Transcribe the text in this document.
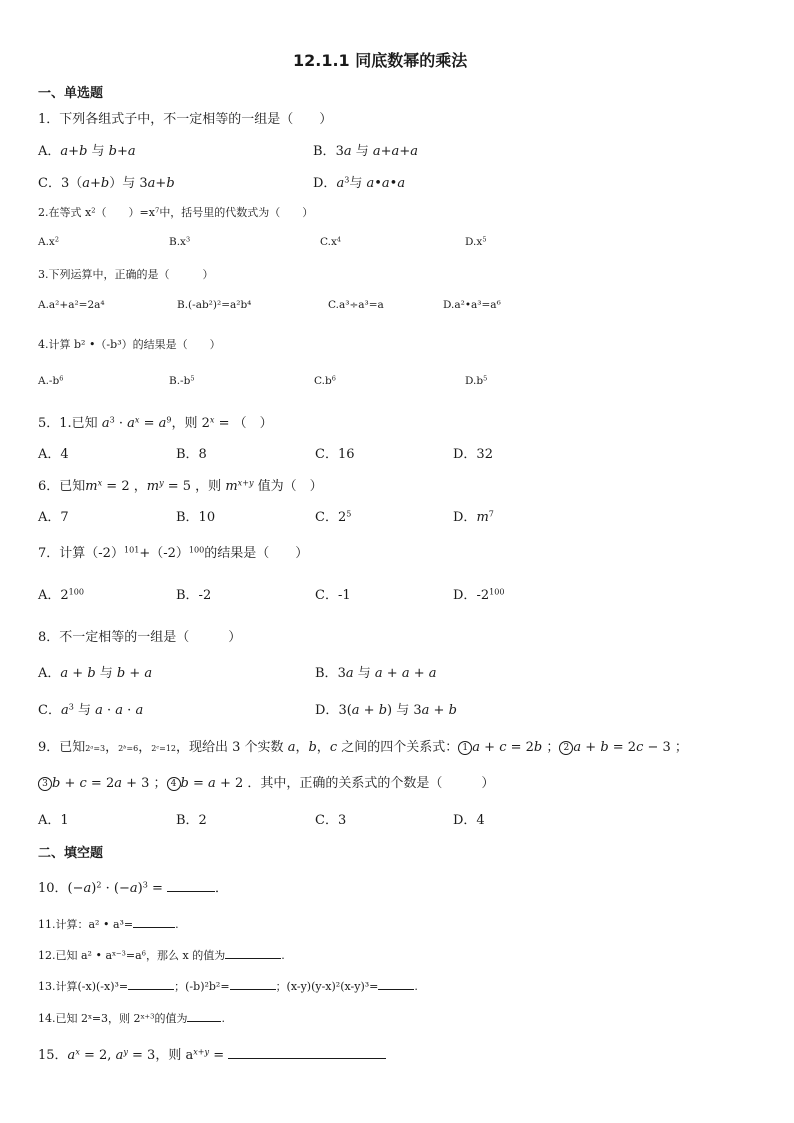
12.1.1 同底数幂的乘法
一、单选题
1．下列各组式子中，不一定相等的一组是（　　）
A．a+b 与 b+a	B．3a 与 a+a+a
C．3（a+b）与 3a+b	D．$a^3$与 a•a•a
2.在等式 $x^2$（　　）$=x^7$中，括号里的代数式为（　　）
$A.x^2$	$B.x^3$	$C.x^4$	$D.x^5$
3.下列运算中，正确的是（　　　）
A.a²+a²=2a⁴	B.(-ab²)²=a²b⁴	C.a³÷a³=a	D.a²•a³=a⁶
4.计算 b² •（-b³）的结果是（　　）
$A.-b^6$	$B.-b^5$	$C.b^6$	$D.b^5$
5．1.已知 $a^3 \cdot a^x = a^9$，则 $2^x$ = （　）
A．4	B．8	C．16	D．32
6．已知$m^x = 2$ ，$m^y = 5$ ，则 $m^{x+y}$ 值为（　）
A．7	B．10	C．$2^5$	D．$m^7$
7．计算$(-2)^{101}+(-2)^{100}$的结果是（　　）
A．$2^{100}$	B．-2	C．-1	D．$-2^{100}$
8．不一定相等的一组是（　　　）
A．a + b 与 b + a	B．3a 与 a + a + a
C．$a^3$ 与 a · a · a	D．3(a + b) 与 3a + b
9．已知$2^a=3$，$2^b=6$，$2^c=12$，现给出 3 个实数 a，b，c 之间的四个关系式： 1 a + c = 2b ； 2 a + b = 2c − 3 ；
3 b + c = 2a + 3 ； 4 b = a + 2 ．其中，正确的关系式的个数是（　　　）
A．1	B．2	C．3	D．4
二、填空题
10．$(-a)^2 \cdot (-a)^3$ =	．
11.计算：a² • a³=	.
12.已知 a² • $a^{x-3}=a^6$，那么 x 的值为	.
13.计算(-x)(-x)³=	；(-b)²b²=	；(x-y)(y-x)²(x-y)³=	.
14.已知 $2^x=3$，则 $2^{x+3}$的值为	.
15．$a^x = 2$, $a^y = 3$，则 $a^{x+y}$ =
